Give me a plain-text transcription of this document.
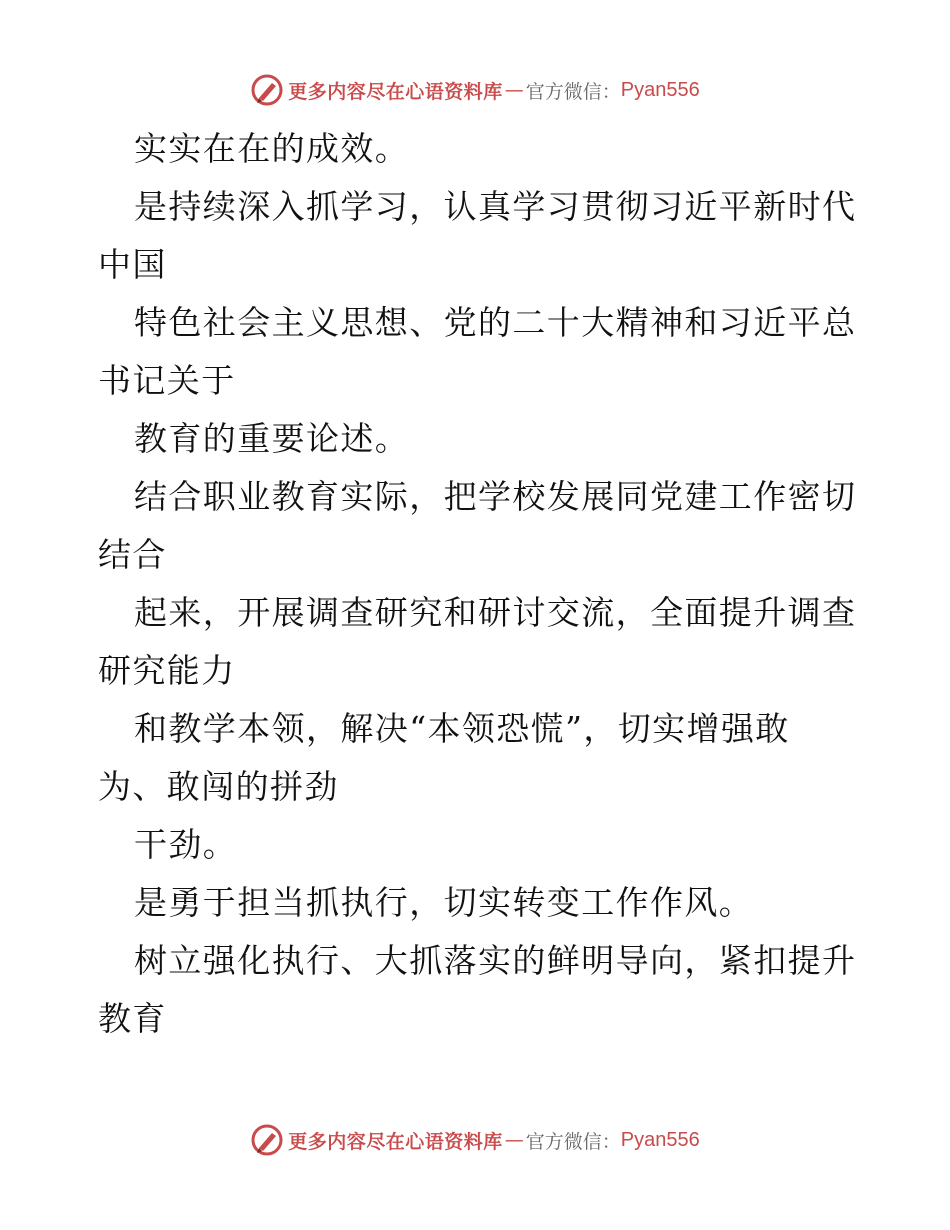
更多内容尽在心语资料库 — 官方微信： Pyan556
实实在在的成效。
是持续深入抓学习，认真学习贯彻习近平新时代
中国
特色社会主义思想、党的二十大精神和习近平总
书记关于
教育的重要论述。
结合职业教育实际，把学校发展同党建工作密切
结合
起来，开展调查研究和研讨交流，全面提升调查
研究能力
和教学本领，解决“本领恐慌”，切实增强敢
为、敢闯的拼劲
干劲。
是勇于担当抓执行，切实转变工作作风。
树立强化执行、大抓落实的鲜明导向，紧扣提升
教育
更多内容尽在心语资料库 — 官方微信： Pyan556
